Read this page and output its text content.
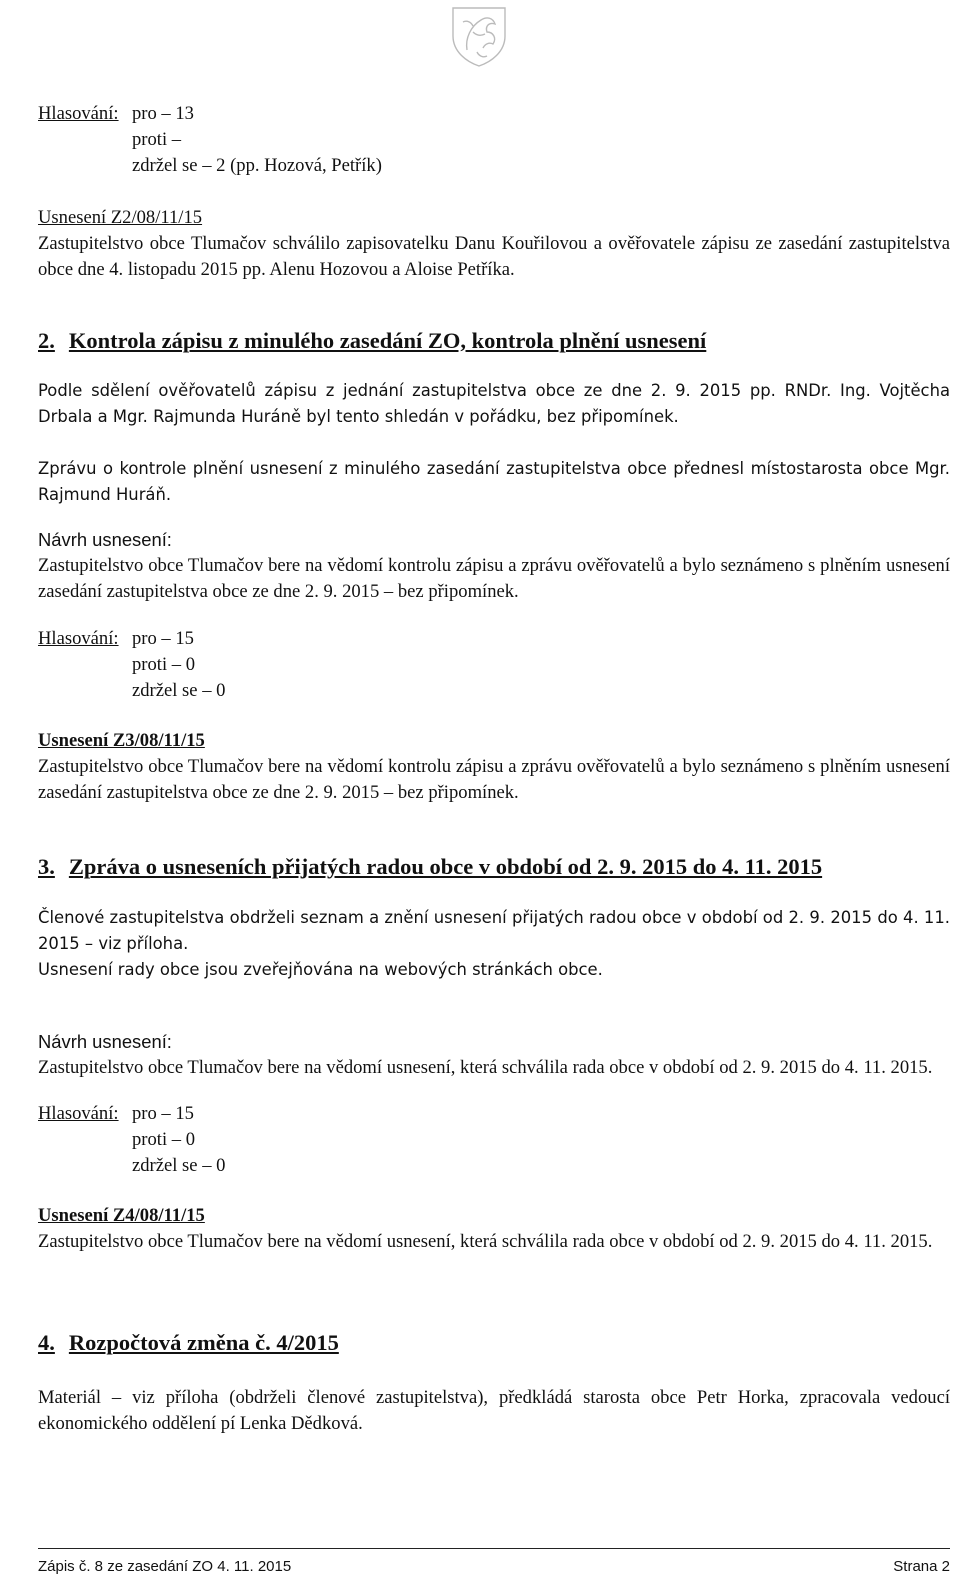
Hlasování: pro – 13
proti –
zdržel se – 2 (pp. Hozová, Petřík)
Usnesení Z2/08/11/15
Zastupitelstvo obce Tlumačov schválilo zapisovatelku Danu Kouřilovou a ověřovatele zápisu ze zasedání zastupitelstva obce dne 4. listopadu 2015 pp. Alenu Hozovou a Aloise Petříka.
2. Kontrola zápisu z minulého zasedání ZO, kontrola plnění usnesení
Podle sdělení ověřovatelů zápisu z jednání zastupitelstva obce ze dne 2. 9. 2015 pp. RNDr. Ing. Vojtěcha Drbala a Mgr. Rajmunda Huráně byl tento shledán v pořádku, bez připomínek.
Zprávu o kontrole plnění usnesení z minulého zasedání zastupitelstva obce přednesl místostarosta obce Mgr. Rajmund Huráň.
Návrh usnesení:
Zastupitelstvo obce Tlumačov bere na vědomí kontrolu zápisu a zprávu ověřovatelů a bylo seznámeno s plněním usnesení zasedání zastupitelstva obce ze dne 2. 9. 2015 – bez připomínek.
Hlasování: pro – 15
proti – 0
zdržel se – 0
Usnesení Z3/08/11/15
Zastupitelstvo obce Tlumačov bere na vědomí kontrolu zápisu a zprávu ověřovatelů a bylo seznámeno s plněním usnesení zasedání zastupitelstva obce ze dne 2. 9. 2015 – bez připomínek.
3. Zpráva o usneseních přijatých radou obce v období od 2. 9. 2015 do 4. 11. 2015
Členové zastupitelstva obdrželi seznam a znění usnesení přijatých radou obce v období od 2. 9. 2015 do 4. 11. 2015 – viz příloha.
Usnesení rady obce jsou zveřejňována na webových stránkách obce.
Návrh usnesení:
Zastupitelstvo obce Tlumačov bere na vědomí usnesení, která schválila rada obce v období od 2. 9. 2015 do 4. 11. 2015.
Hlasování: pro – 15
proti – 0
zdržel se – 0
Usnesení Z4/08/11/15
Zastupitelstvo obce Tlumačov bere na vědomí usnesení, která schválila rada obce v období od 2. 9. 2015 do 4. 11. 2015.
4. Rozpočtová změna č. 4/2015
Materiál – viz příloha (obdrželi členové zastupitelstva), předkládá starosta obce Petr Horka, zpracovala vedoucí ekonomického oddělení pí Lenka Dědková.
Zápis č. 8 ze zasedání ZO 4. 11. 2015	Strana 2
